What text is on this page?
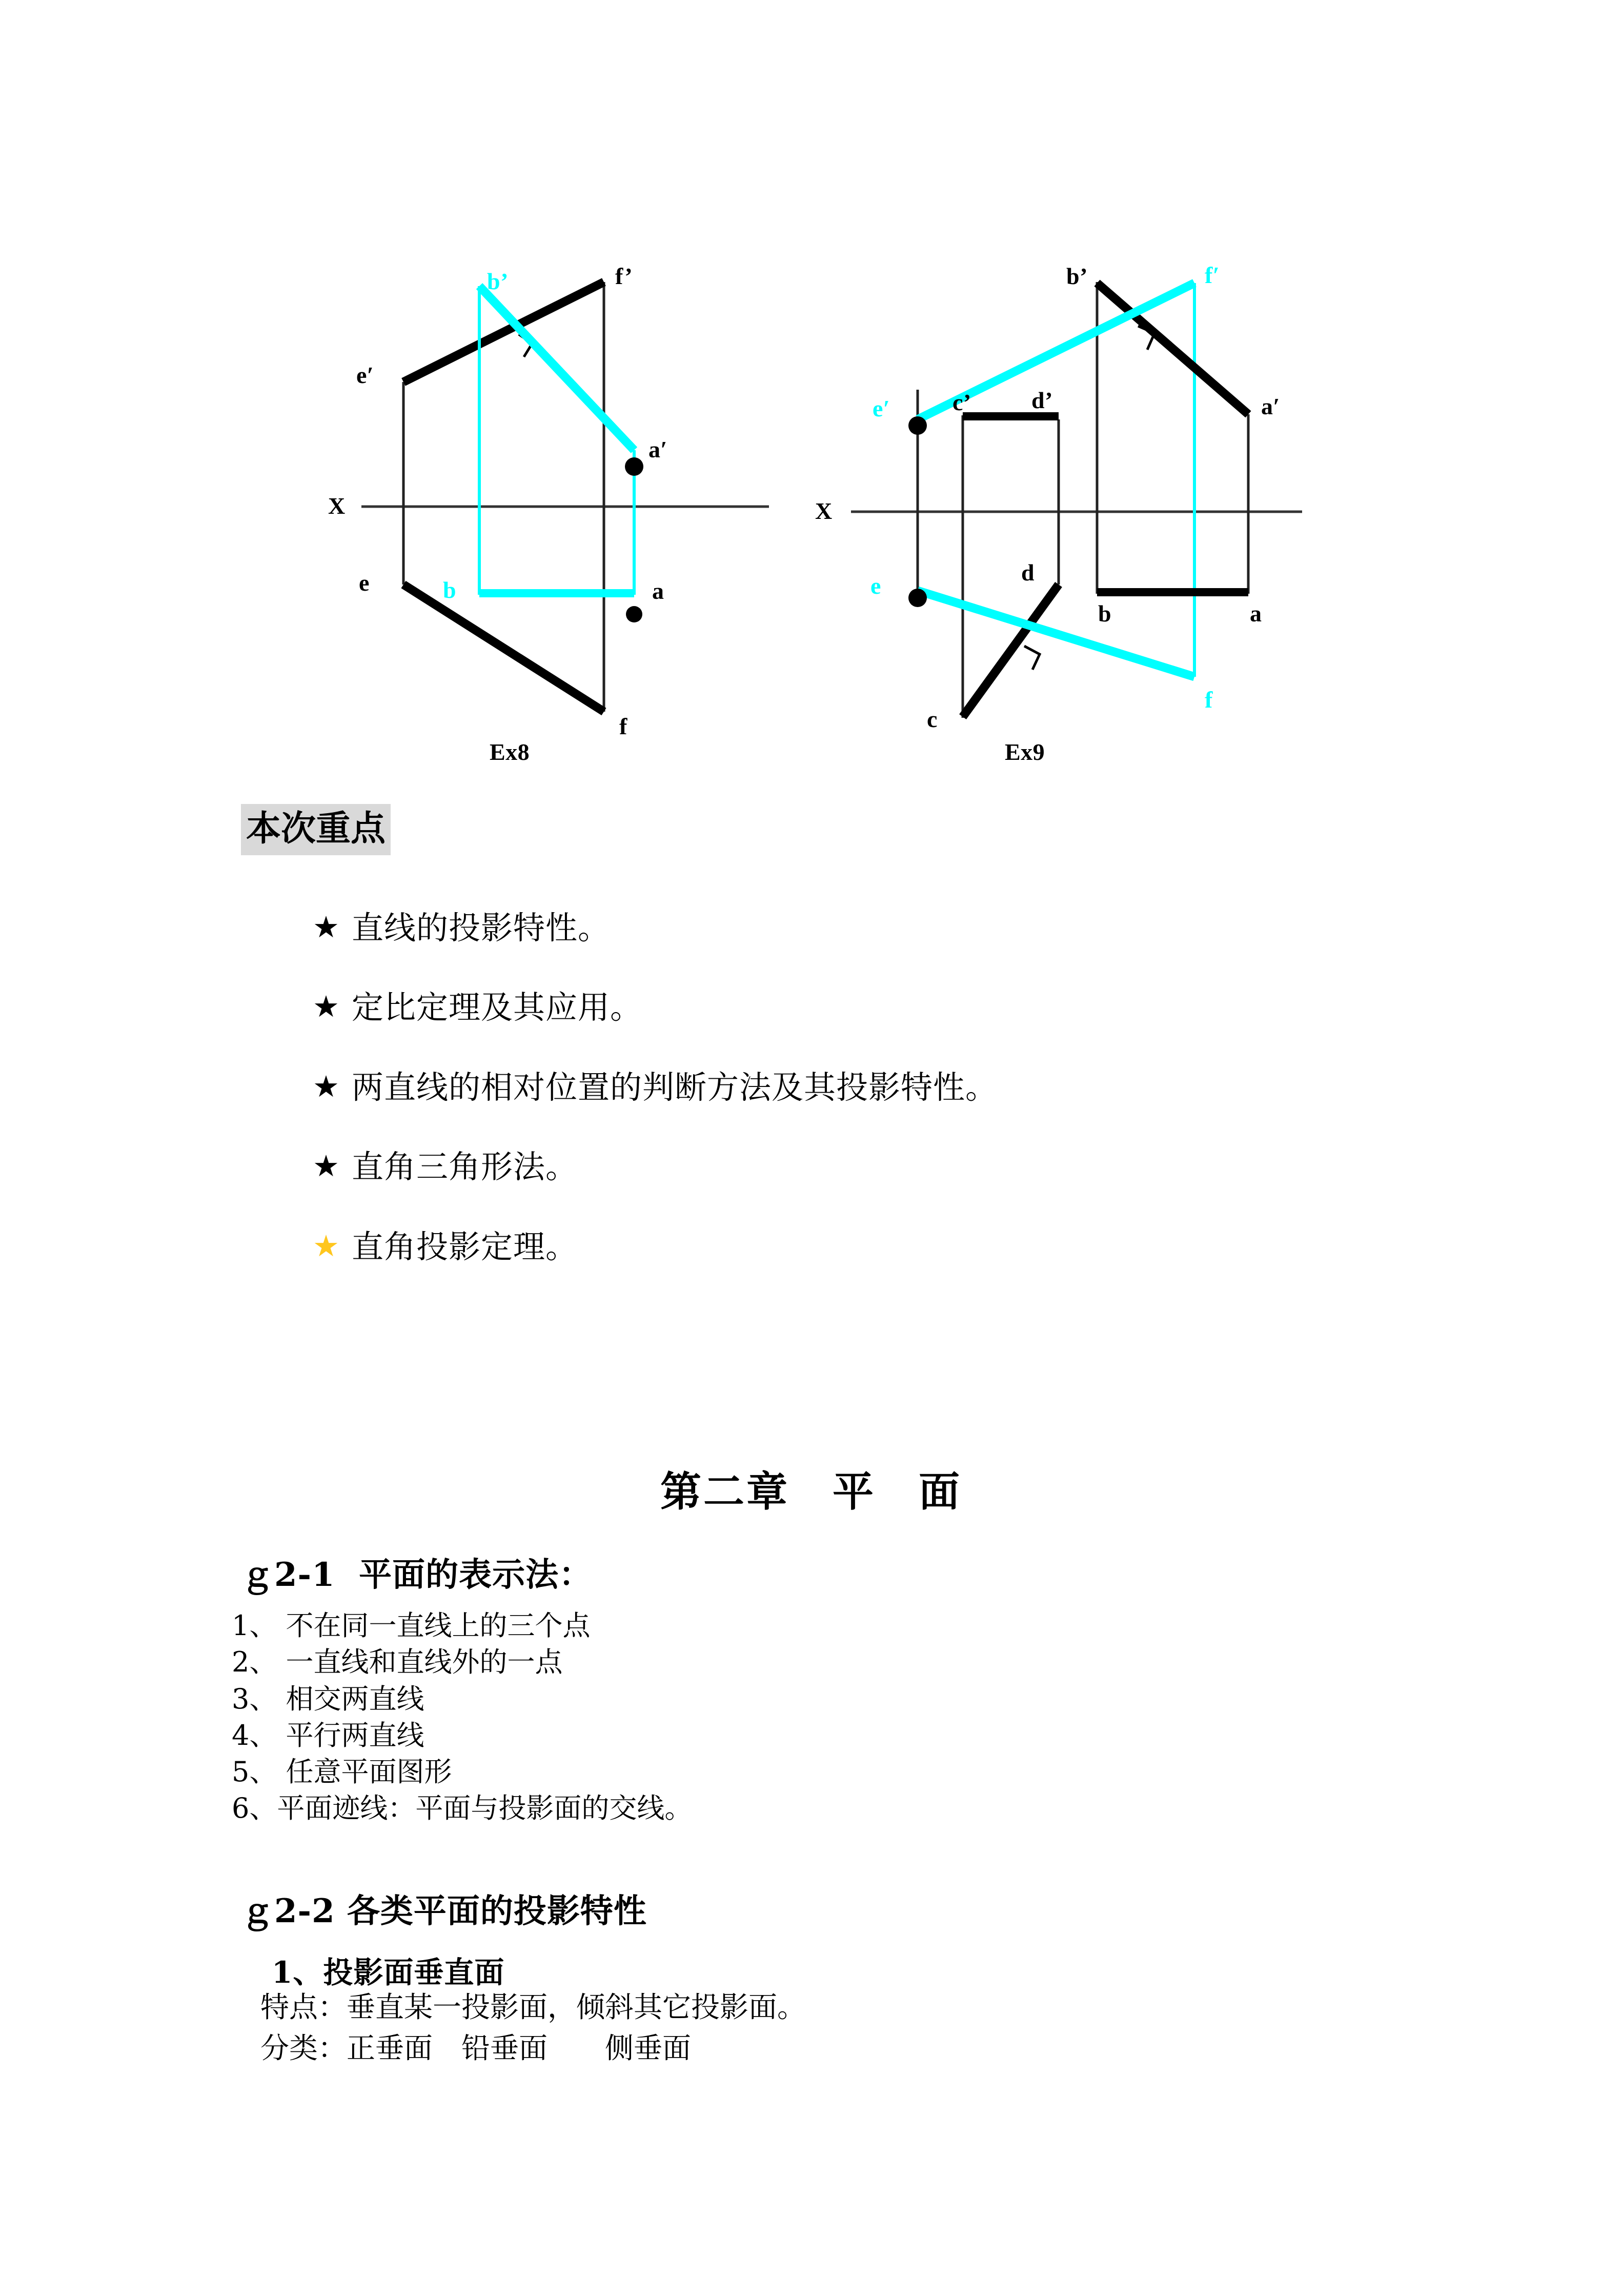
X
b’	f’
e′
a′
e	b	a
f
Ex8
X
b’	f′
e′	c’	d’	a′
d
e
b	a
c
f
Ex9
本次重点
★ 直线的投影特性。
★ 定比定理及其应用。
★ 两直线的相对位置的判断方法及其投影特性。
★ 直角三角形法。
★ 直角投影定理。
第二章　平　面
ｇ2-1  平面的表示法：
1、 不在同一直线上的三个点
2、 一直线和直线外的一点
3、 相交两直线
4、 平行两直线
5、 任意平面图形
6、平面迹线：平面与投影面的交线。
ｇ2-2 各类平面的投影特性
1、投影面垂直面
特点：垂直某一投影面，倾斜其它投影面。
分类：正垂面　铅垂面　　侧垂面
